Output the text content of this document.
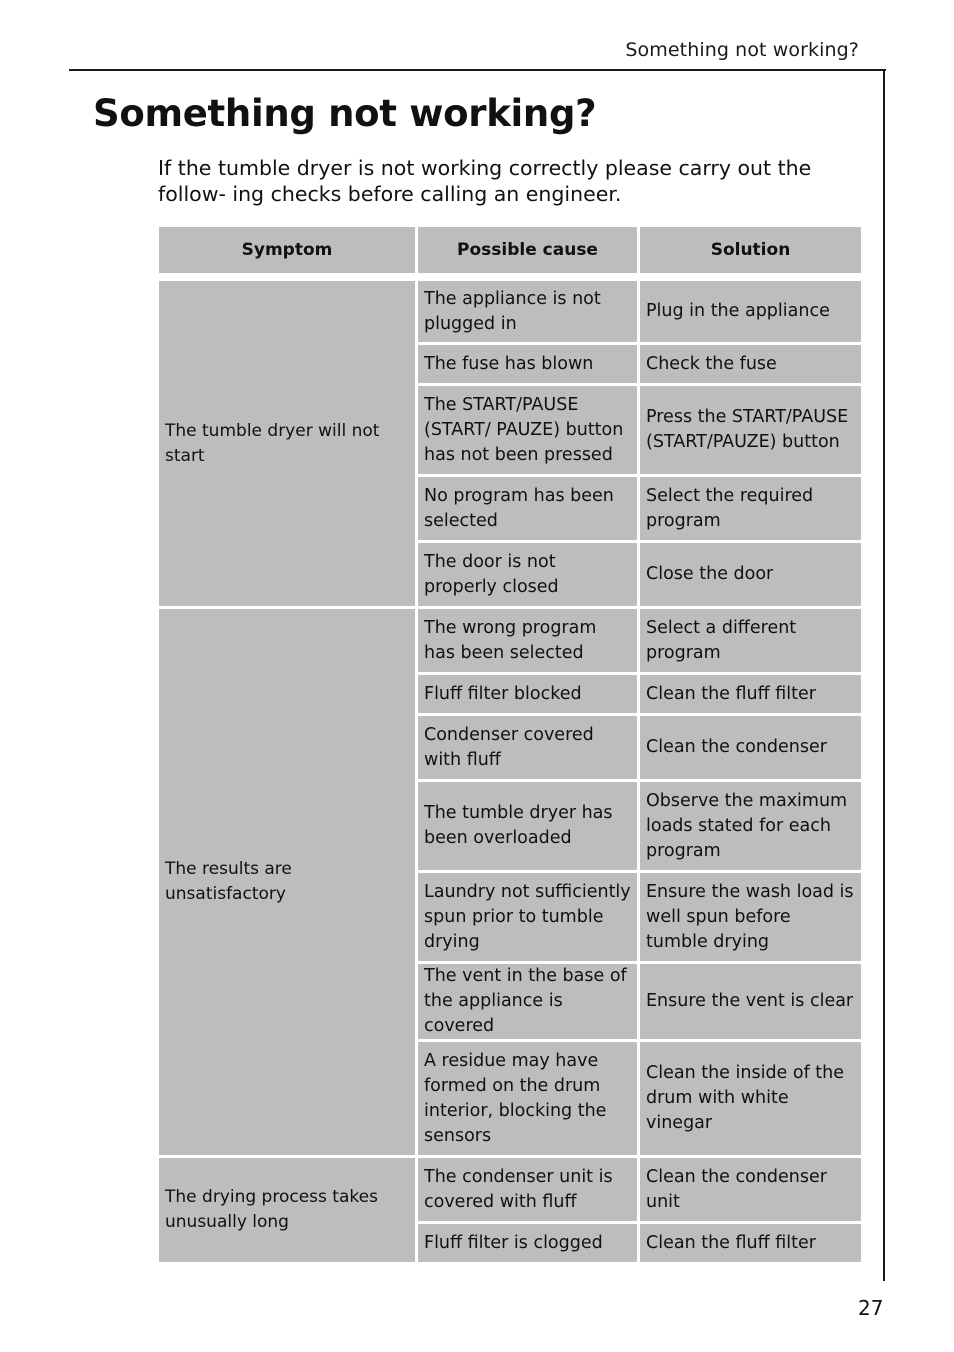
Something not working?
Something not working?
If the tumble dryer is not working correctly please carry out the follow- ing checks before calling an engineer.
Symptom	Possible cause	Solution

The tumble dryer will not start	The appliance is not plugged in	Plug in the appliance
	The fuse has blown	Check the fuse
	The START/PAUSE (START/ PAUZE) button has not been pressed	Press the START/PAUSE (START/PAUZE) button
	No program has been selected	Select the required program
	The door is not properly closed	Close the door
The results are unsatisfactory	The wrong program has been selected	Select a different program
	Fluff filter blocked	Clean the fluff filter
	Condenser covered with fluff	Clean the condenser
	The tumble dryer has been overloaded	Observe the maximum loads stated for each program
	Laundry not sufficiently spun prior to tumble drying	Ensure the wash load is well spun before tumble drying
	The vent in the base of the appliance is covered	Ensure the vent is clear
	A residue may have formed on the drum interior, blocking the sensors	Clean the inside of the drum with white vinegar
The drying process takes unusually long	The condenser unit is covered with fluff	Clean the condenser unit
	Fluff filter is clogged	Clean the fluff filter
27
